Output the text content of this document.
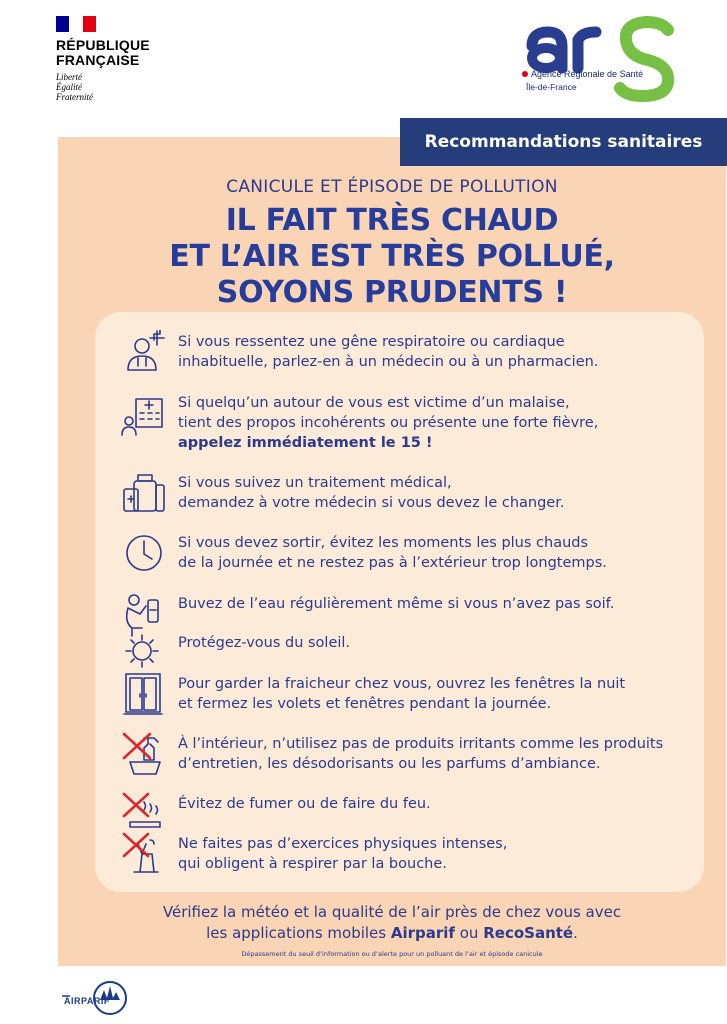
RÉPUBLIQUE
FRANÇAISE
Liberté
Égalité
Fraternité
Agence Régionale de Santé
Île-de-France
Recommandations sanitaires
CANICULE ET ÉPISODE DE POLLUTION
IL FAIT TRÈS CHAUD
ET L’AIR EST TRÈS POLLUÉ,
SOYONS PRUDENTS !
Si vous ressentez une gêne respiratoire ou cardiaque
inhabituelle, parlez-en à un médecin ou à un pharmacien.
Si quelqu’un autour de vous est victime d’un malaise,
tient des propos incohérents ou présente une forte fièvre,
appelez immédiatement le 15 !
Si vous suivez un traitement médical,
demandez à votre médecin si vous devez le changer.
Si vous devez sortir, évitez les moments les plus chauds
de la journée et ne restez pas à l’extérieur trop longtemps.
Buvez de l’eau régulièrement même si vous n’avez pas soif.
Protégez-vous du soleil.
Pour garder la fraicheur chez vous, ouvrez les fenêtres la nuit
et fermez les volets et fenêtres pendant la journée.
À l’intérieur, n’utilisez pas de produits irritants comme les produits
d’entretien, les désodorisants ou les parfums d’ambiance.
Évitez de fumer ou de faire du feu.
Ne faites pas d’exercices physiques intenses,
qui obligent à respirer par la bouche.
Vérifiez la météo et la qualité de l’air près de chez vous avec
les applications mobiles Airparif ou RecoSanté.
Dépassement du seuil d’information ou d’alerte pour un polluant de l’air et épisode canicule
AIRPARIF
